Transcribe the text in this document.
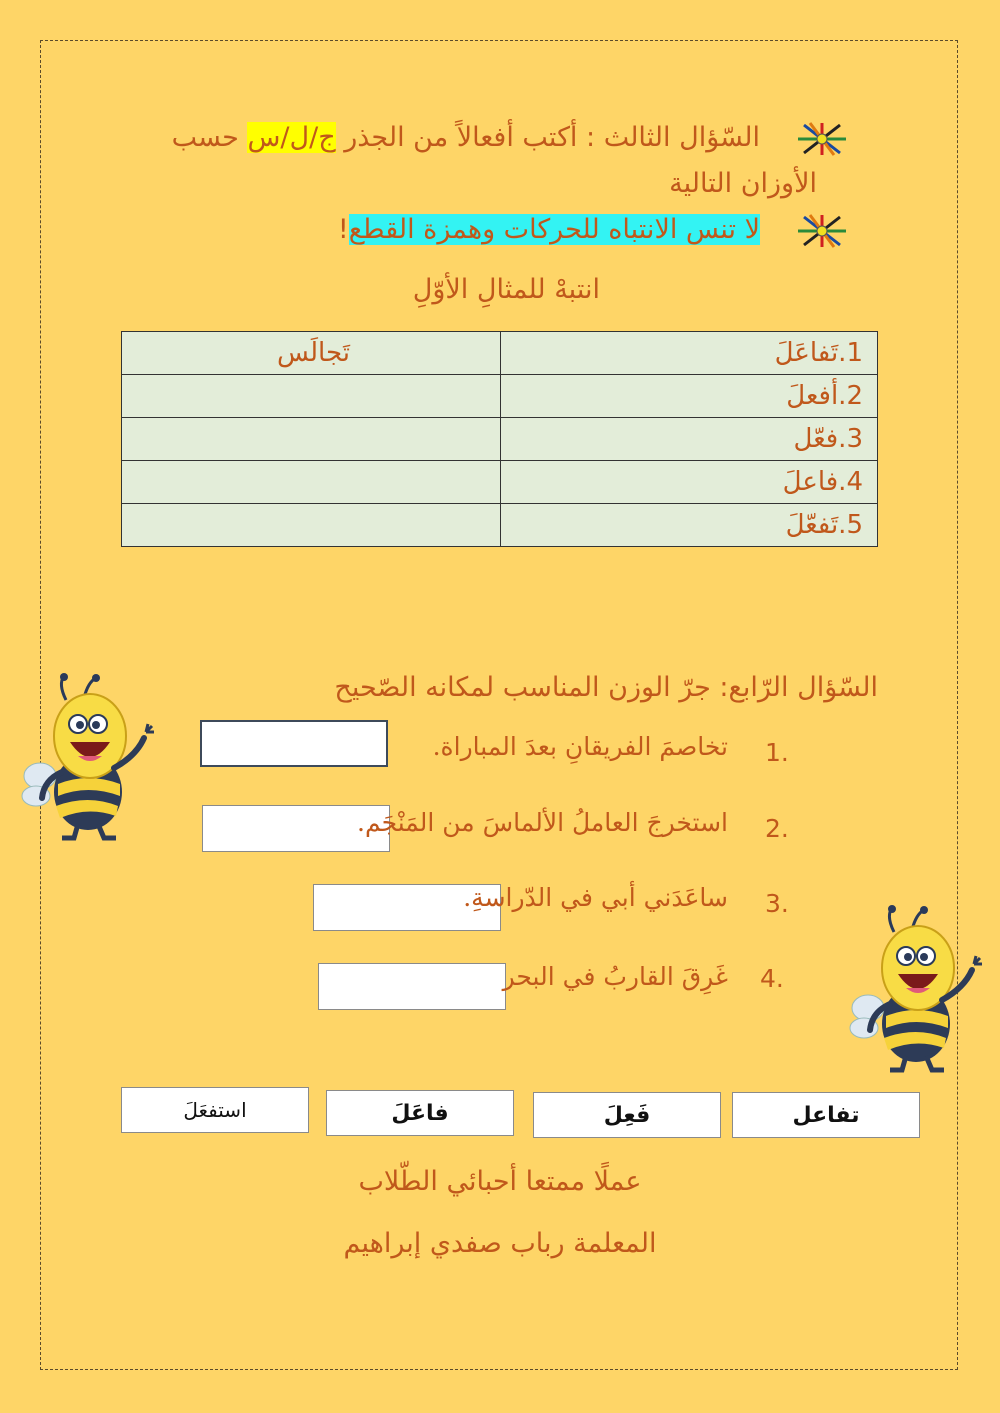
السّؤال الثالث : أكتب أفعالاً من الجذر ج/ل/س حسب
الأوزان التالية
لا تنس الانتباه للحركات وهمزة القطع!
انتبهْ للمثالِ الأوّلِ
تَجالَس	1.تَفاعَلَ
	2.أفعلَ
	3.فعّل
	4.فاعلَ
	5.تَفعّلَ
السّؤال الرّابع: جرّ الوزن المناسب لمكانه الصّحيح
1.
تخاصمَ الفريقانِ بعدَ المباراة.
2.
استخرجَ العاملُ الألماسَ من المَنْجَم.
3.
ساعَدَني أبي في الدّراسةِ.
4.
غَرِقَ القاربُ في البحر
تفاعل
فَعِلَ
فاعَلَ
استفعَلَ
عملًا ممتعا أحبائي الطّلاب
المعلمة رباب صفدي إبراهيم
